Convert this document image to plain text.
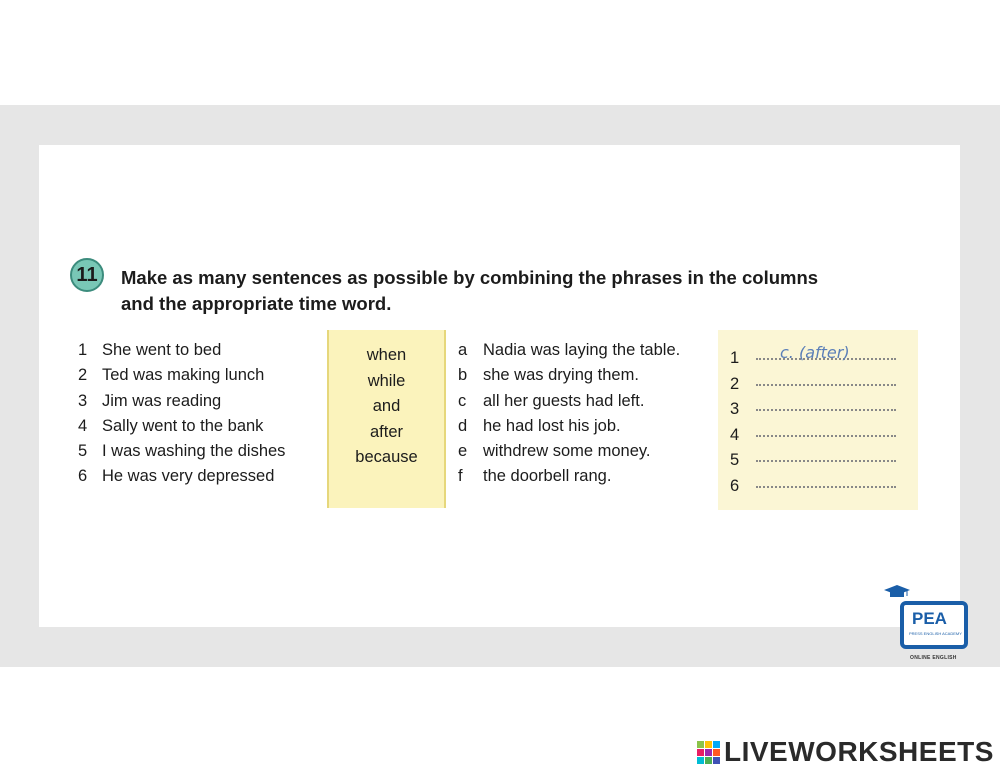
11	Make as many sentences as possible by combining the phrases in the columns
and the appropriate time word.

1 She went to bed
2 Ted was making lunch
3 Jim was reading
4 Sally went to the bank
5 I was washing the dishes
6 He was very depressed
when
while
and
after
because
a Nadia was laying the table.
b she was drying them.
c all her guests had left.
d he had lost his job.
e withdrew some money.
f the doorbell rang.
1	c. (after)
2
3
4
5
6
PEA
PRESS ENGLISH ACADEMY
ONLINE ENGLISH
LIVEWORKSHEETS
